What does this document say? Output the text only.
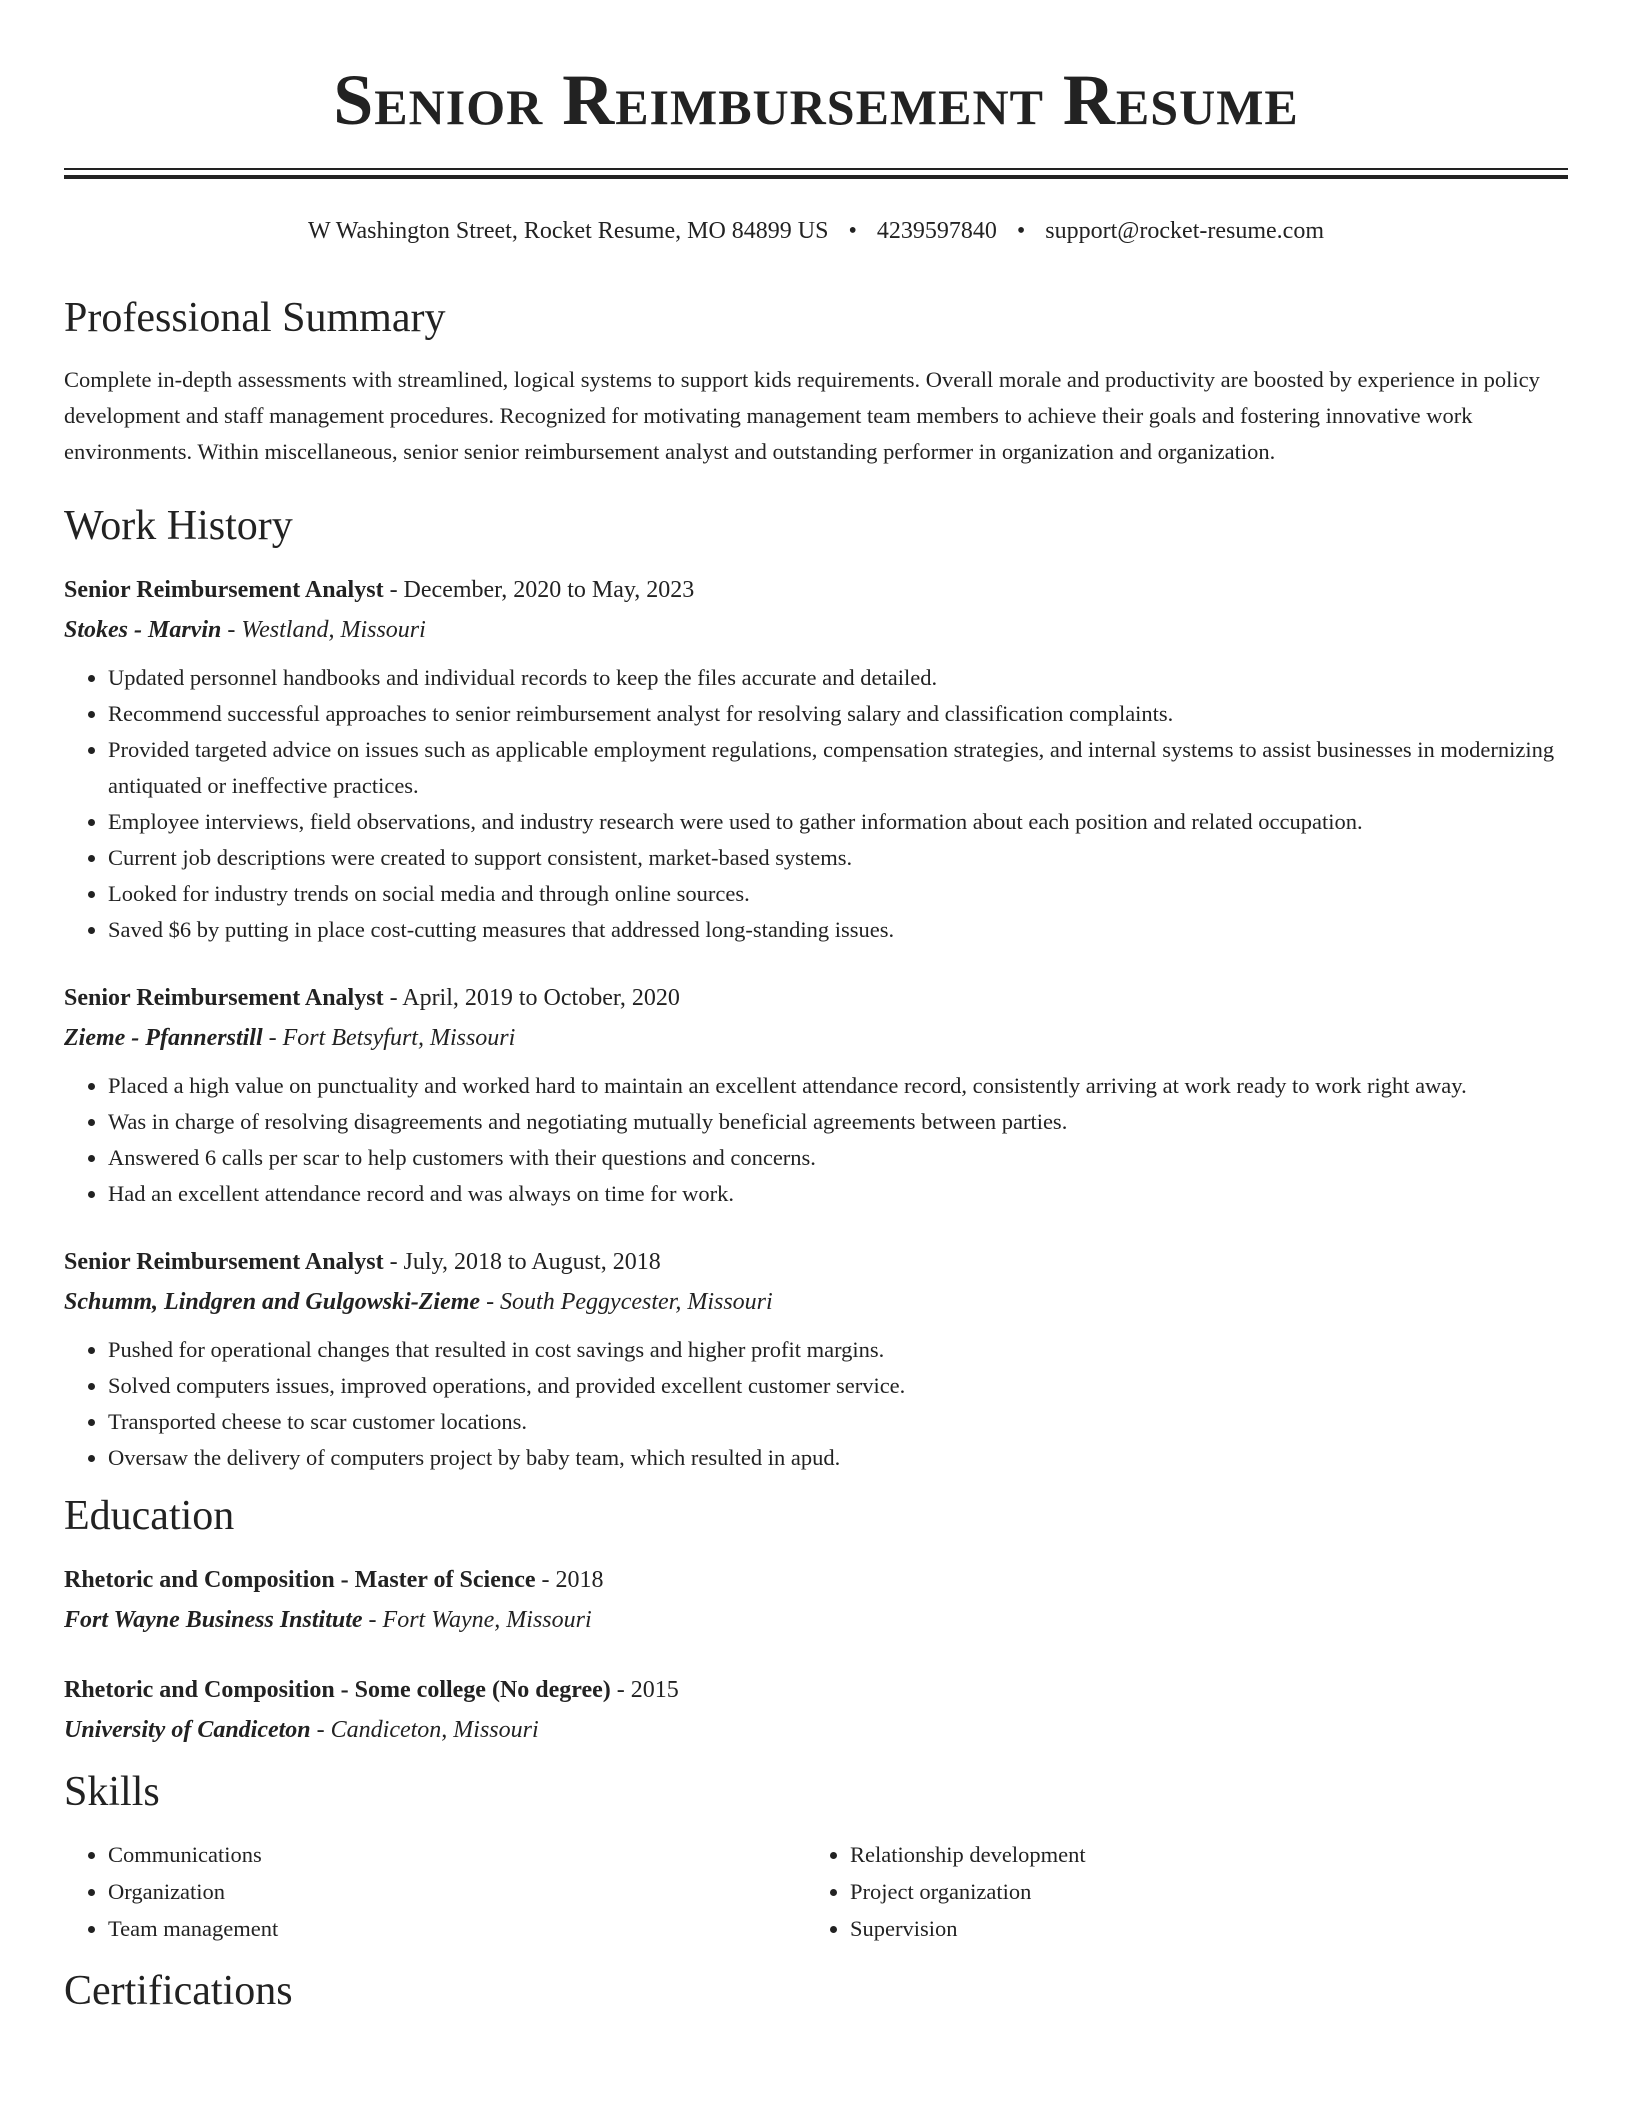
Senior Reimbursement Resume
W Washington Street, Rocket Resume, MO 84899 US • 4239597840 • support@rocket-resume.com
Professional Summary

Complete in-depth assessments with streamlined, logical systems to support kids requirements. Overall morale and productivity are boosted by experience in policy development and staff management procedures. Recognized for motivating management team members to achieve their goals and fostering innovative work environments. Within miscellaneous, senior senior reimbursement analyst and outstanding performer in organization and organization.

Work History
Senior Reimbursement Analyst - December, 2020 to May, 2023
Stokes - Marvin - Westland, Missouri
• Updated personnel handbooks and individual records to keep the files accurate and detailed.
• Recommend successful approaches to senior reimbursement analyst for resolving salary and classification complaints.
• Provided targeted advice on issues such as applicable employment regulations, compensation strategies, and internal systems to assist businesses in modernizing antiquated or ineffective practices.
• Employee interviews, field observations, and industry research were used to gather information about each position and related occupation.
• Current job descriptions were created to support consistent, market-based systems.
• Looked for industry trends on social media and through online sources.
• Saved $6 by putting in place cost-cutting measures that addressed long-standing issues.
Senior Reimbursement Analyst - April, 2019 to October, 2020
Zieme - Pfannerstill - Fort Betsyfurt, Missouri
• Placed a high value on punctuality and worked hard to maintain an excellent attendance record, consistently arriving at work ready to work right away.
• Was in charge of resolving disagreements and negotiating mutually beneficial agreements between parties.
• Answered 6 calls per scar to help customers with their questions and concerns.
• Had an excellent attendance record and was always on time for work.
Senior Reimbursement Analyst - July, 2018 to August, 2018
Schumm, Lindgren and Gulgowski-Zieme - South Peggycester, Missouri
• Pushed for operational changes that resulted in cost savings and higher profit margins.
• Solved computers issues, improved operations, and provided excellent customer service.
• Transported cheese to scar customer locations.
• Oversaw the delivery of computers project by baby team, which resulted in apud.
Education
Rhetoric and Composition - Master of Science - 2018
Fort Wayne Business Institute - Fort Wayne, Missouri
Rhetoric and Composition - Some college (No degree) - 2015
University of Candiceton - Candiceton, Missouri
Skills
• Communications
• Organization
• Team management
• Relationship development
• Project organization
• Supervision
Certifications
